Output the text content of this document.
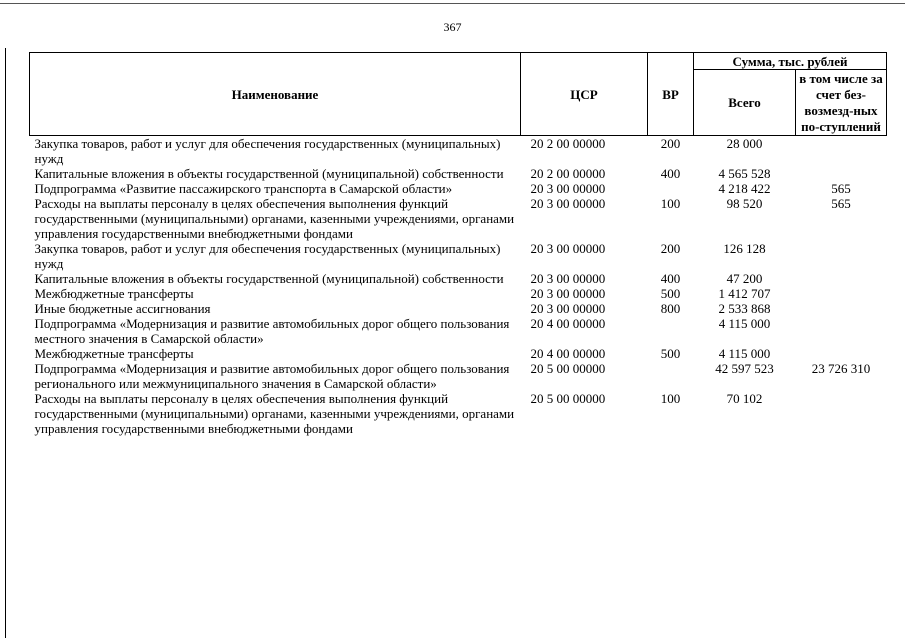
367
Наименование	ЦСР	ВР	Сумма, тыс. рублей	
			Всего	в том числе за счет без-возмезд-ных по-ступлений
Закупка товаров, работ и услуг для обеспечения государственных (муниципальных) нужд	20 2 00 00000	200	28 000	
Капитальные вложения в объекты государственной (муниципальной) собственности	20 2 00 00000	400	4 565 528	
Подпрограмма «Развитие пассажирского транспорта в Самарской области»	20 3 00 00000		4 218 422	565
Расходы на выплаты персоналу в целях обеспечения выполнения функций государственными (муниципальными) органами, казенными учреждениями, органами управления государственными внебюджетными фондами	20 3 00 00000	100	98 520	565
Закупка товаров, работ и услуг для обеспечения государственных (муниципальных) нужд	20 3 00 00000	200	126 128	
Капитальные вложения в объекты государственной (муниципальной) собственности	20 3 00 00000	400	47 200	
Межбюджетные трансферты	20 3 00 00000	500	1 412 707	
Иные бюджетные ассигнования	20 3 00 00000	800	2 533 868	
Подпрограмма «Модернизация и развитие автомобильных дорог общего пользования местного значения в Самарской области»	20 4 00 00000		4 115 000	
Межбюджетные трансферты	20 4 00 00000	500	4 115 000	
Подпрограмма «Модернизация и развитие автомобильных дорог общего пользования регионального или межмуниципального значения в Самарской области»	20 5 00 00000		42 597 523	23 726 310
Расходы на выплаты персоналу в целях обеспечения выполнения функций государственными (муниципальными) органами, казенными учреждениями, органами управления государственными внебюджетными фондами	20 5 00 00000	100	70 102	
